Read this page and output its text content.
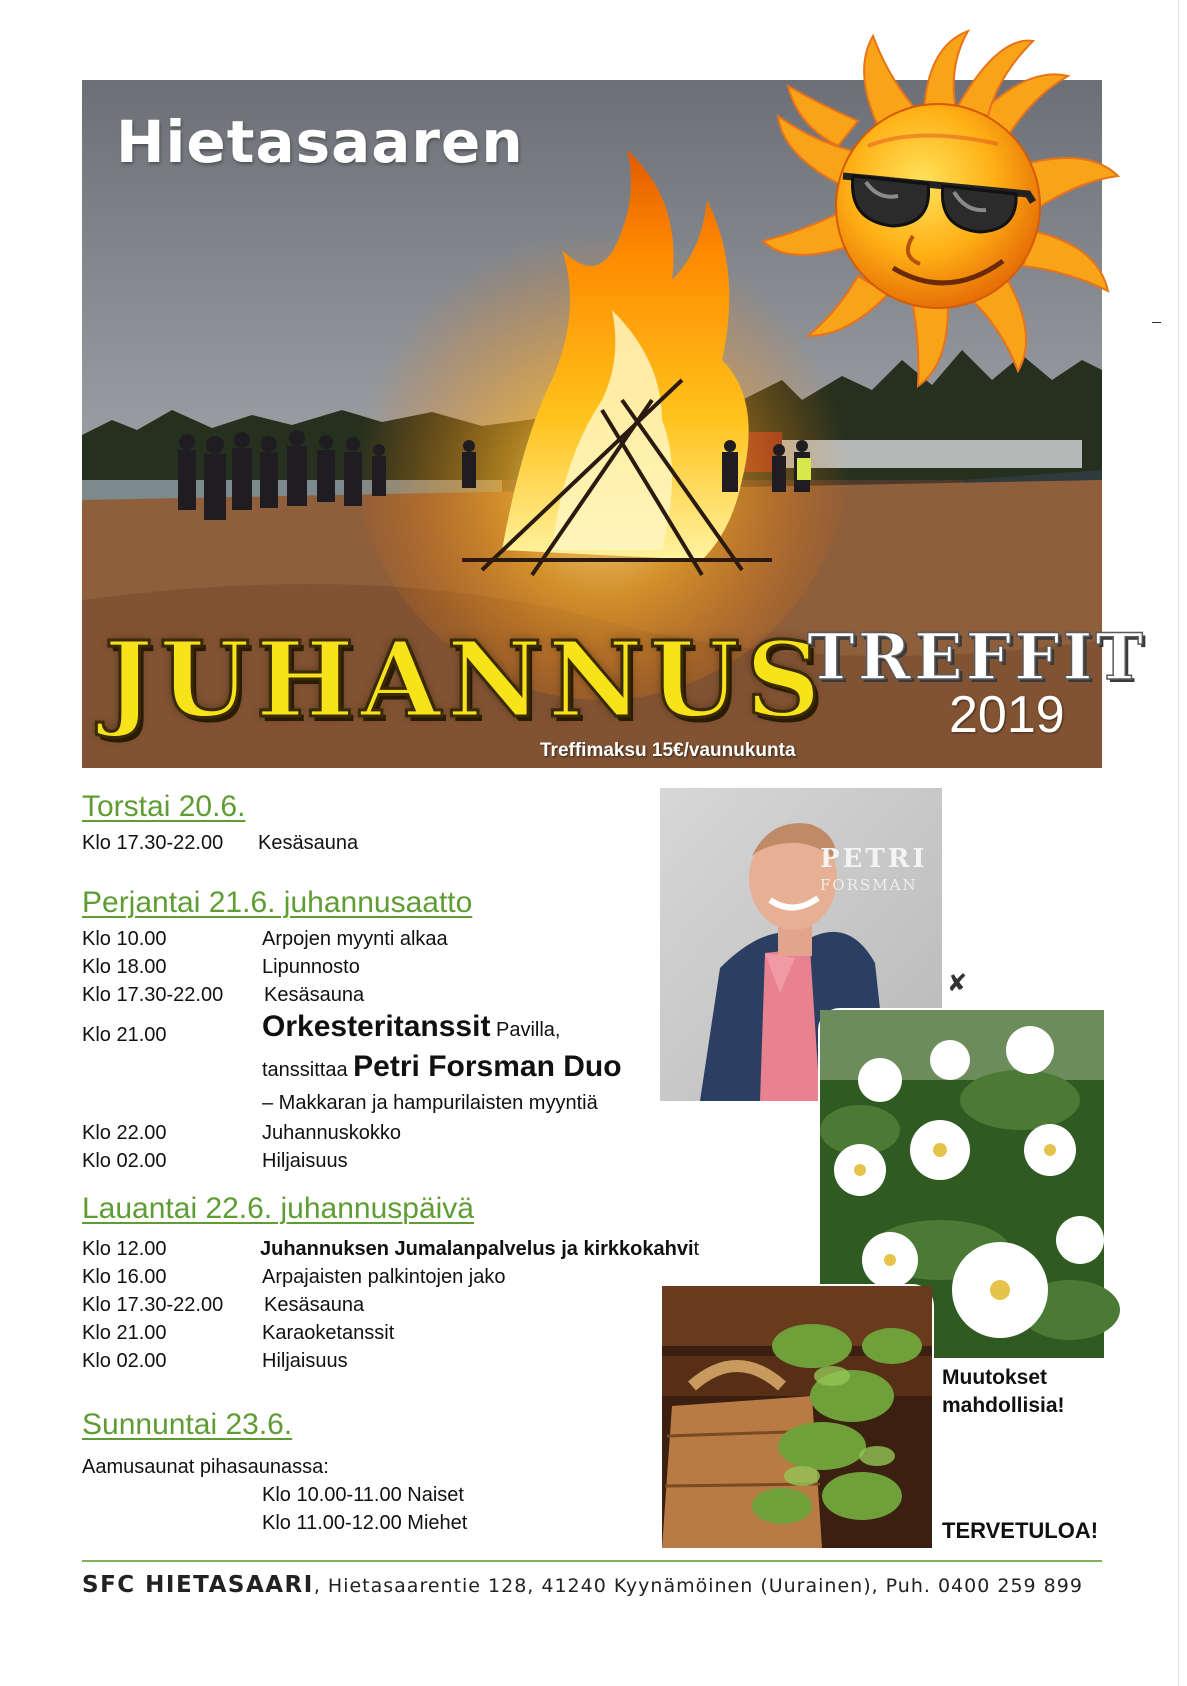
Hietasaaren
JUHANNUS
TREFFIT
2019
Treffimaksu 15€/vaunukunta
Torstai 20.6.
Klo 17.30-22.00 Kesäsauna
Perjantai 21.6. juhannusaatto
Klo 10.00	Arpojen myynti alkaa
Klo 18.00	Lipunnosto
Klo 17.30-22.00 Kesäsauna
Klo 21.00	Orkesteritanssit Pavilla,
tanssittaa Petri Forsman Duo
– Makkaran ja hampurilaisten myyntiä
Klo 22.00	Juhannuskokko
Klo 02.00	Hiljaisuus
Lauantai 22.6. juhannuspäivä
Klo 12.00	Juhannuksen Jumalanpalvelus ja kirkkokahvit
Klo 16.00	Arpajaisten palkintojen jako
Klo 17.30-22.00 Kesäsauna
Klo 21.00	Karaoketanssit
Klo 02.00	Hiljaisuus
Sunnuntai 23.6.
Aamusaunat pihasaunassa:
Klo 10.00-11.00 Naiset
Klo 11.00-12.00 Miehet
PETRI
FORSMAN
✘

Muutokset
mahdollisia!

TERVETULOA!
SFC HIETASAARI, Hietasaarentie 128, 41240 Kyynämöinen (Uurainen), Puh. 0400 259 899
